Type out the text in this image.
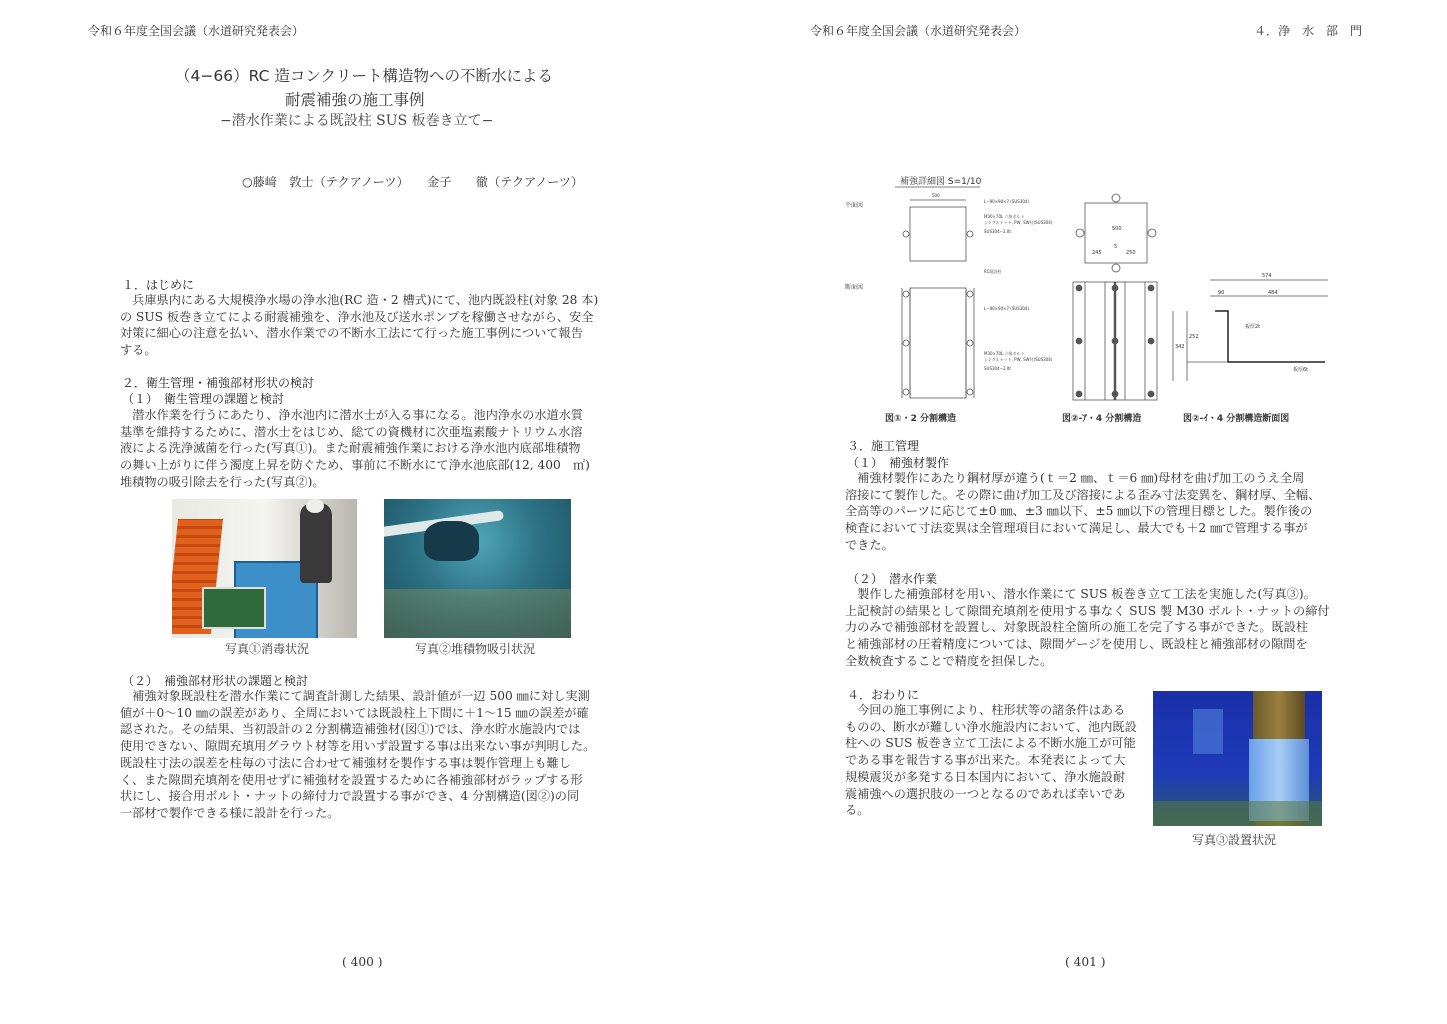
令和６年度全国会議（水道研究発表会）
（4−66）RC 造コンクリート構造物への不断水による
耐震補強の施工事例
−潜水作業による既設柱 SUS 板巻き立て−
○藤﨑　敦士（テクアノーツ）　　金子　　徹（テクアノーツ）
１．はじめに
　兵庫県内にある大規模浄水場の浄水池(RC 造・2 槽式)にて、池内既設柱(対象 28 本)
の SUS 板巻き立てによる耐震補強を、浄水池及び送水ポンプを稼働させながら、安全
対策に細心の注意を払い、潜水作業での不断水工法にて行った施工事例について報告
する。
２．衛生管理・補強部材形状の検討
（１）　衛生管理の課題と検討
　潜水作業を行うにあたり、浄水池内に潜水士が入る事になる。池内浄水の水道水質
基準を維持するために、潜水士をはじめ、総ての資機材に次亜塩素酸ナトリウム水溶
液による洗浄滅菌を行った(写真①)。また耐震補強作業における浄水池内底部堆積物
の舞い上がりに伴う濁度上昇を防ぐため、事前に不断水にて浄水池底部(12, 400　㎡)
堆積物の吸引除去を行った(写真②)。
写真①消毒状況	写真②堆積物吸引状況
（２）　補強部材形状の課題と検討
　補強対象既設柱を潜水作業にて調査計測した結果、設計値が一辺 500 ㎜に対し実測
値が＋0～10 ㎜の誤差があり、全周においては既設柱上下間に＋1～15 ㎜の誤差が確
認された。その結果、当初設計の２分割構造補強材(図①)では、浄水貯水施設内では
使用できない、隙間充填用グラウト材等を用いず設置する事は出来ない事が判明した。
既設柱寸法の誤差を柱毎の寸法に合わせて補強材を製作する事は製作管理上も難し
く、また隙間充填剤を使用せずに補強材を設置するために各補強部材がラップする形
状にし、接合用ボルト・ナットの締付力で設置する事ができ、4 分割構造(図②)の同
一部材で製作できる様に設計を行った。
( 400 )
令和６年度全国会議（水道研究発表会）	４．浄　水　部　門
補強詳細図 S=1/10
平面図
断面図
500
L−90×90×7 (SUS304)
M30×70L 六角ボルト
シングルナット, PW, SW付(SUS304)
SUS304−2.0t
RC既設柱
L−90×90×7 (SUS304)
M30×70L 六角ボルト
シングルナット, PW, SW付(SUS304)
SUS304−2.0t
500
245
5
250
574
90	484
342
252
板厚2t
板厚6t
図①・2 分割構造	図②-ｱ・4 分割構造	図②-ｲ・4 分割構造断面図
３．施工管理
（１）　補強材製作
　補強材製作にあたり鋼材厚が違う(ｔ＝2 ㎜、ｔ＝6 ㎜)母材を曲げ加工のうえ全周
溶接にて製作した。その際に曲げ加工及び溶接による歪み寸法変異を、鋼材厚、全幅、
全高等のパーツに応じて±0 ㎜、±3 ㎜以下、±5 ㎜以下の管理目標とした。製作後の
検査において寸法変異は全管理項目において満足し、最大でも＋2 ㎜で管理する事が
できた。
（２）　潜水作業
　製作した補強部材を用い、潜水作業にて SUS 板巻き立て工法を実施した(写真③)。
上記検討の結果として隙間充填剤を使用する事なく SUS 製 M30 ボルト・ナットの締付
力のみで補強部材を設置し、対象既設柱全箇所の施工を完了する事ができた。既設柱
と補強部材の圧着精度については、隙間ゲージを使用し、既設柱と補強部材の隙間を
全数検査することで精度を担保した。
４．おわりに
　今回の施工事例により、柱形状等の諸条件はある
ものの、断水が難しい浄水施設内において、池内既設
柱への SUS 板巻き立て工法による不断水施工が可能
である事を報告する事が出来た。本発表によって大
規模震災が多発する日本国内において、浄水施設耐
震補強への選択肢の一つとなるのであれば幸いであ
る。
写真③設置状況
( 401 )
